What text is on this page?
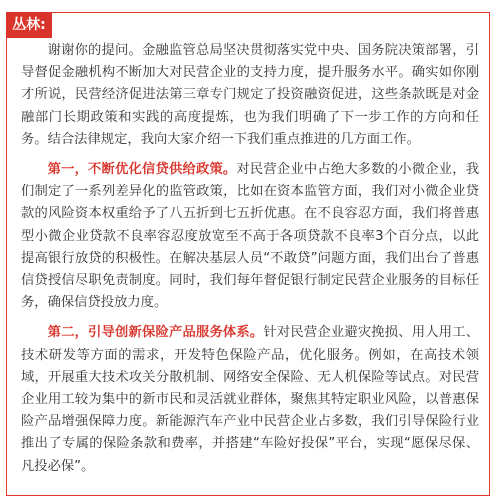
丛林:

谢谢你的提问。金融监管总局坚决贯彻落实党中央、国务院决策部署，引导督促金融机构不断加大对民营企业的支持力度，提升服务水平。确实如你刚才所说，民营经济促进法第三章专门规定了投资融资促进，这些条款既是对金融部门长期政策和实践的高度提炼，也为我们明确了下一步工作的方向和任务。结合法律规定，我向大家介绍一下我们重点推进的几方面工作。

第一，不断优化信贷供给政策。对民营企业中占绝大多数的小微企业，我们制定了一系列差异化的监管政策，比如在资本监管方面，我们对小微企业贷款的风险资本权重给予了八五折到七五折优惠。在不良容忍方面，我们将普惠型小微企业贷款不良率容忍度放宽至不高于各项贷款不良率3个百分点，以此提高银行放贷的积极性。在解决基层人员“不敢贷”问题方面，我们出台了普惠信贷授信尽职免责制度。同时，我们每年督促银行制定民营企业服务的目标任务，确保信贷投放力度。

第二，引导创新保险产品服务体系。针对民营企业避灾挽损、用人用工、技术研发等方面的需求，开发特色保险产品，优化服务。例如，在高技术领域，开展重大技术攻关分散机制、网络安全保险、无人机保险等试点。对民营企业用工较为集中的新市民和灵活就业群体，聚焦其特定职业风险，以普惠保险产品增强保障力度。新能源汽车产业中民营企业占多数，我们引导保险行业推出了专属的保险条款和费率，并搭建“车险好投保”平台，实现“愿保尽保、凡投必保”。
